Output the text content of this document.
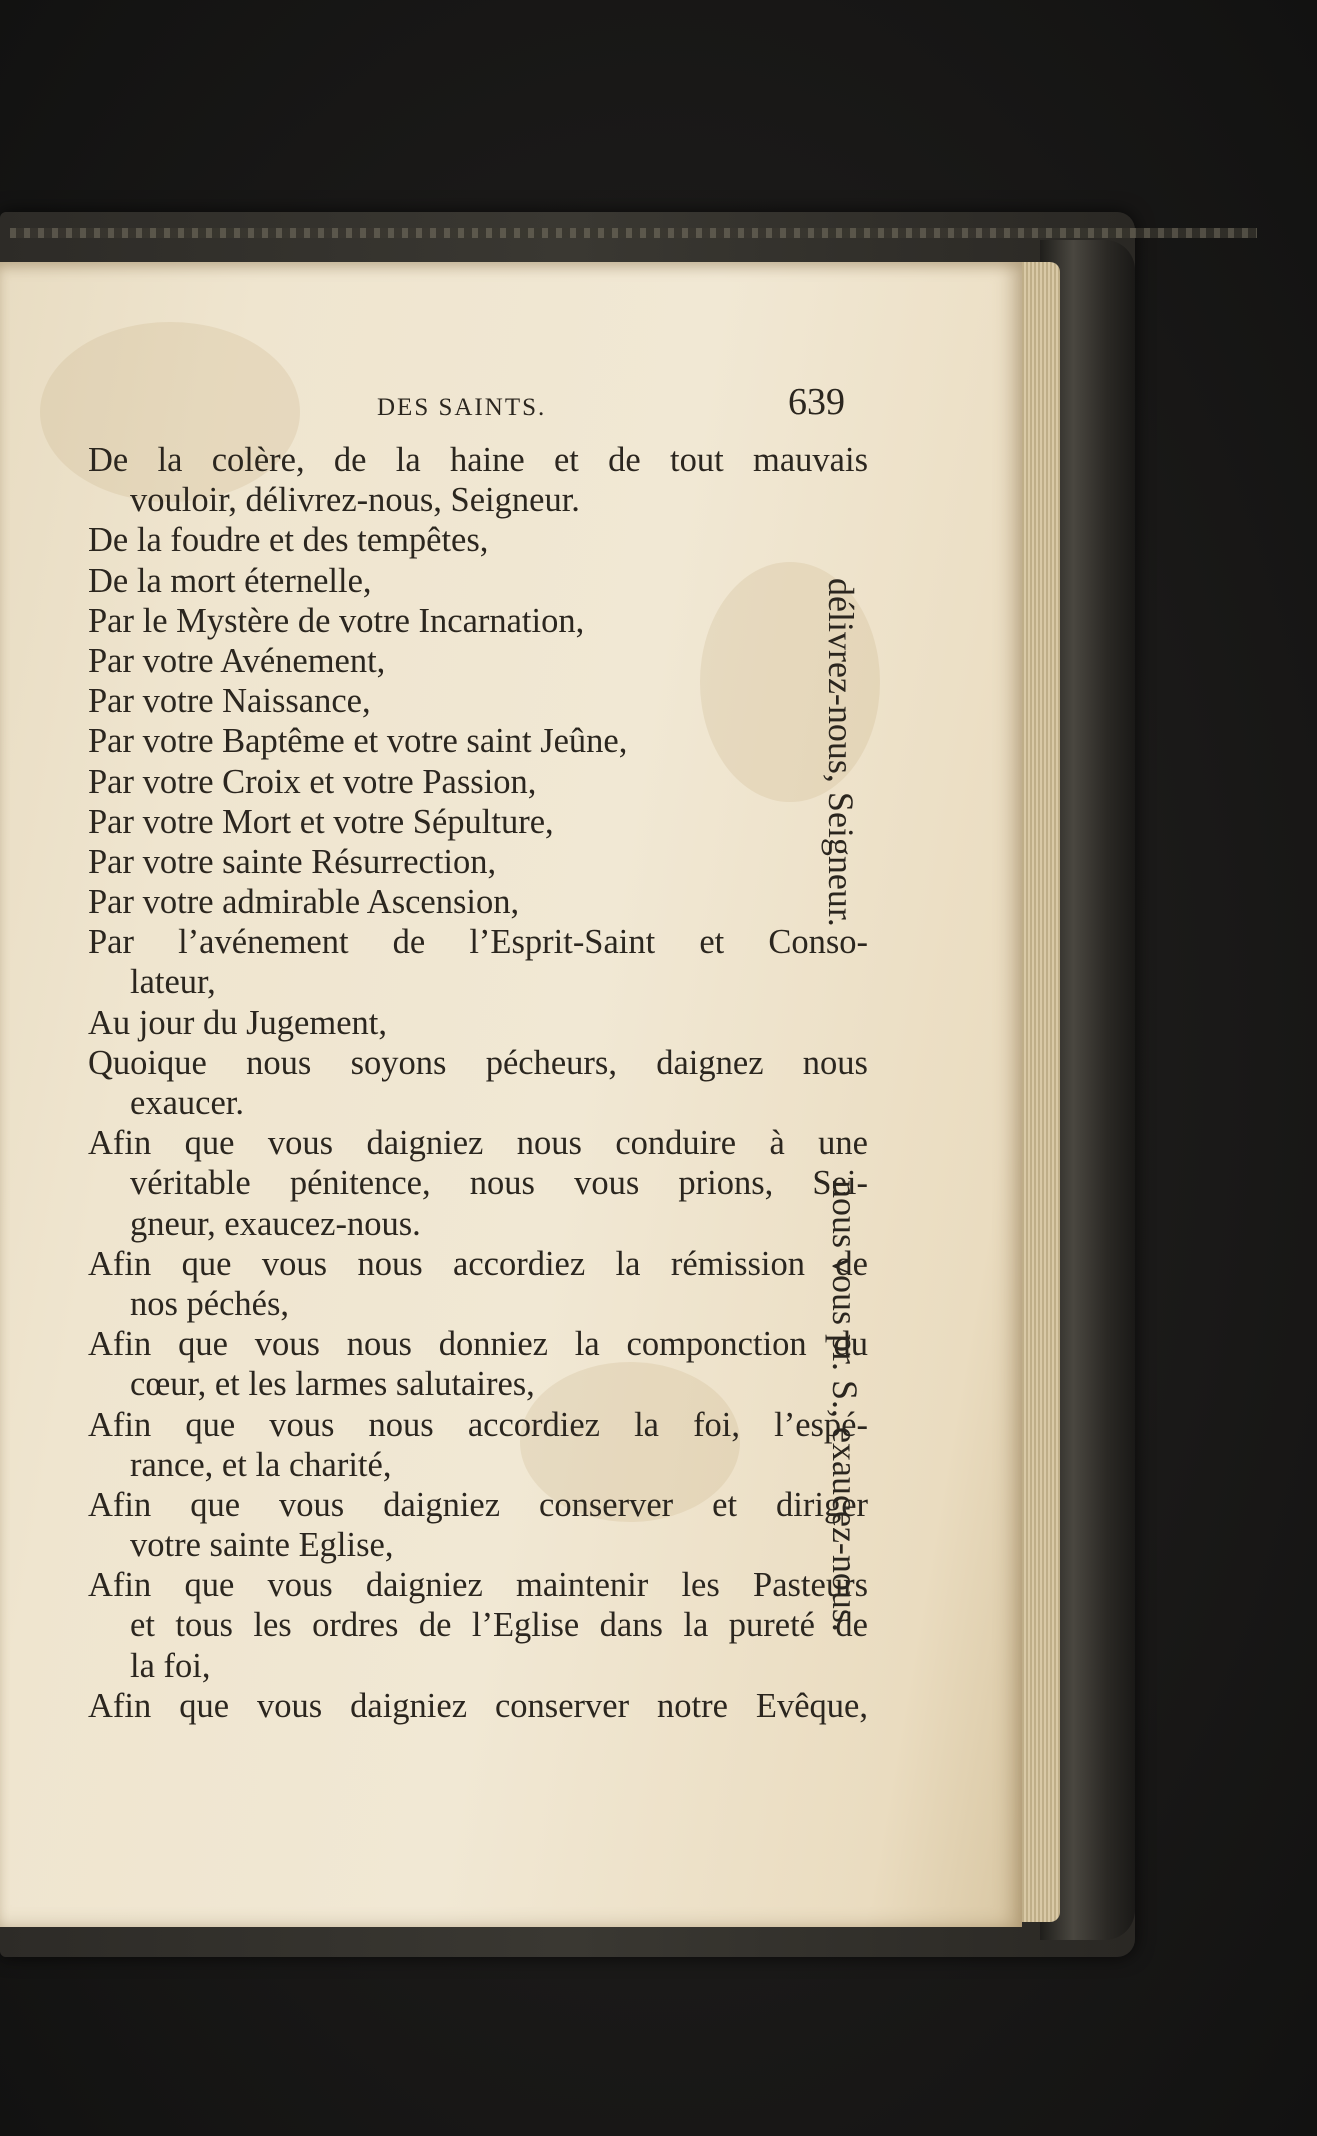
DES SAINTS.	639
De la colère, de la haine et de tout mauvais
vouloir, délivrez-nous, Seigneur.
De la foudre et des tempêtes,
De la mort éternelle,
Par le Mystère de votre Incarnation,
Par votre Avénement,
Par votre Naissance,
Par votre Baptême et votre saint Jeûne,
Par votre Croix et votre Passion,
Par votre Mort et votre Sépulture,
Par votre sainte Résurrection,
Par votre admirable Ascension,
Par l’avénement de l’Esprit-Saint et Conso-
lateur,
Au jour du Jugement,
Quoique nous soyons pécheurs, daignez nous
exaucer.
Afin que vous daigniez nous conduire à une
véritable pénitence, nous vous prions, Sei-
gneur, exaucez-nous.
Afin que vous nous accordiez la rémission de
nos péchés,
Afin que vous nous donniez la componction du
cœur, et les larmes salutaires,
Afin que vous nous accordiez la foi, l’espé-
rance, et la charité,
Afin que vous daigniez conserver et diriger
votre sainte Eglise,
Afin que vous daigniez maintenir les Pasteurs
et tous les ordres de l’Eglise dans la pureté de
la foi,
Afin que vous daigniez conserver notre Evêque,
délivrez-nous, Seigneur.
nous vous pr. S., exaucez-nous.
